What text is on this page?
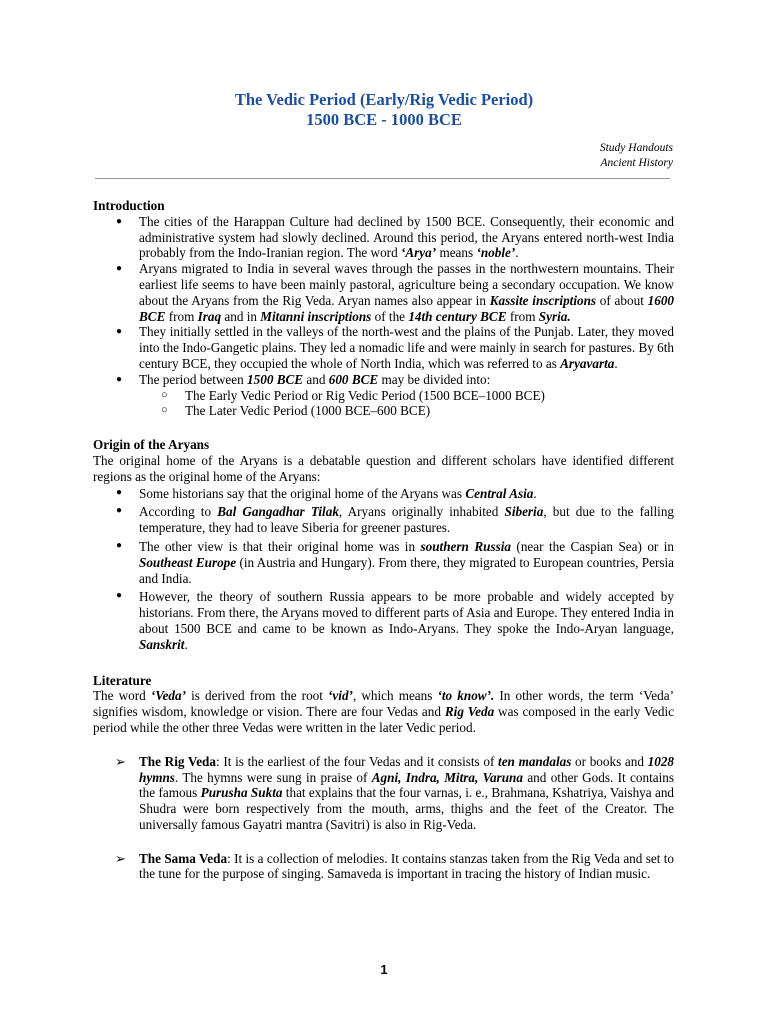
The Vedic Period (Early/Rig Vedic Period)
1500 BCE - 1000 BCE
Study Handouts
Ancient History
Introduction
● The cities of the Harappan Culture had declined by 1500 BCE. Consequently, their economic and administrative system had slowly declined. Around this period, the Aryans entered north-west India probably from the Indo-Iranian region. The word ‘Arya’ means ‘noble’.
● Aryans migrated to India in several waves through the passes in the northwestern mountains. Their earliest life seems to have been mainly pastoral, agriculture being a secondary occupation. We know about the Aryans from the Rig Veda. Aryan names also appear in Kassite inscriptions of about 1600 BCE from Iraq and in Mitanni inscriptions of the 14th century BCE from Syria.
● They initially settled in the valleys of the north-west and the plains of the Punjab. Later, they moved into the Indo-Gangetic plains. They led a nomadic life and were mainly in search for pastures. By 6th century BCE, they occupied the whole of North India, which was referred to as Aryavarta.
● The period between 1500 BCE and 600 BCE may be divided into:
○ The Early Vedic Period or Rig Vedic Period (1500 BCE–1000 BCE)
○ The Later Vedic Period (1000 BCE–600 BCE)
Origin of the Aryans

The original home of the Aryans is a debatable question and different scholars have identified different regions as the original home of the Aryans:

● Some historians say that the original home of the Aryans was Central Asia.
● According to Bal Gangadhar Tilak, Aryans originally inhabited Siberia, but due to the falling temperature, they had to leave Siberia for greener pastures.
● The other view is that their original home was in southern Russia (near the Caspian Sea) or in Southeast Europe (in Austria and Hungary). From there, they migrated to European countries, Persia and India.
● However, the theory of southern Russia appears to be more probable and widely accepted by historians. From there, the Aryans moved to different parts of Asia and Europe. They entered India in about 1500 BCE and came to be known as Indo-Aryans. They spoke the Indo-Aryan language, Sanskrit.
Literature

The word ‘Veda’ is derived from the root ‘vid’, which means ‘to know’. In other words, the term ‘Veda’ signifies wisdom, knowledge or vision. There are four Vedas and Rig Veda was composed in the early Vedic period while the other three Vedas were written in the later Vedic period.

➢ The Rig Veda: It is the earliest of the four Vedas and it consists of ten mandalas or books and 1028 hymns. The hymns were sung in praise of Agni, Indra, Mitra, Varuna and other Gods. It contains the famous Purusha Sukta that explains that the four varnas, i. e., Brahmana, Kshatriya, Vaishya and Shudra were born respectively from the mouth, arms, thighs and the feet of the Creator. The universally famous Gayatri mantra (Savitri) is also in Rig-Veda.
➢ The Sama Veda: It is a collection of melodies. It contains stanzas taken from the Rig Veda and set to the tune for the purpose of singing. Samaveda is important in tracing the history of Indian music.
1
